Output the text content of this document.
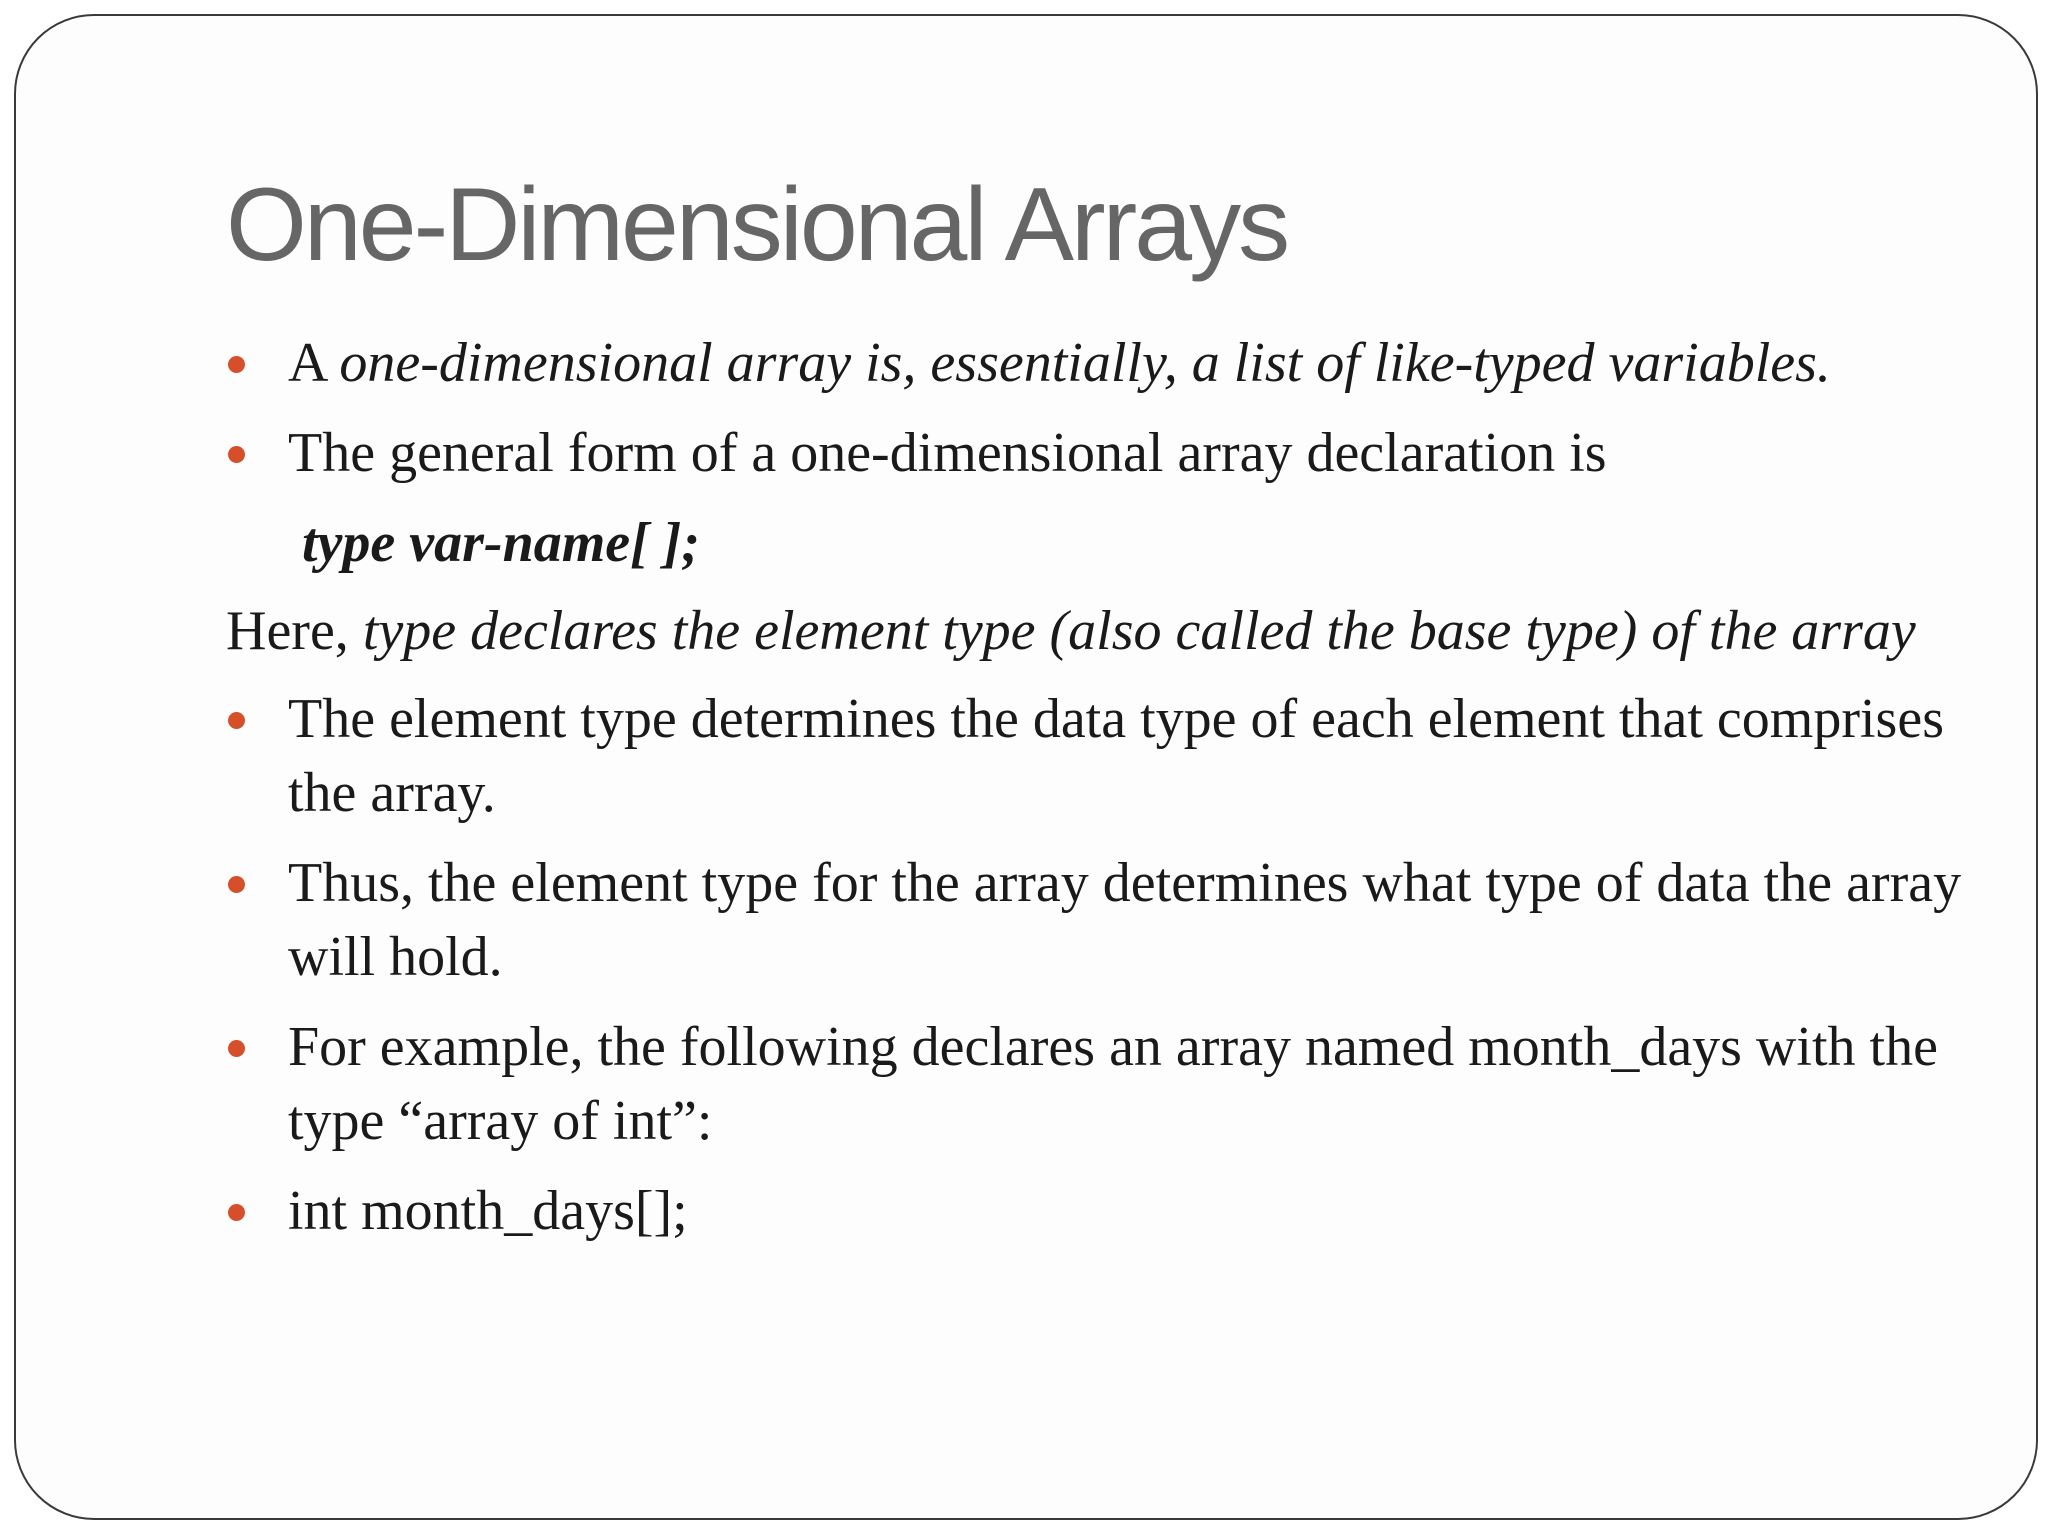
One-Dimensional Arrays
A one-dimensional array is, essentially, a list of like-typed variables.
The general form of a one-dimensional array declaration is
type var-name[ ];
Here, type declares the element type (also called the base type) of the array
The element type determines the data type of each element that comprises the array.
Thus, the element type for the array determines what type of data the array will hold.
For example, the following declares an array named month_days with the type “array of int”:
int month_days[];
